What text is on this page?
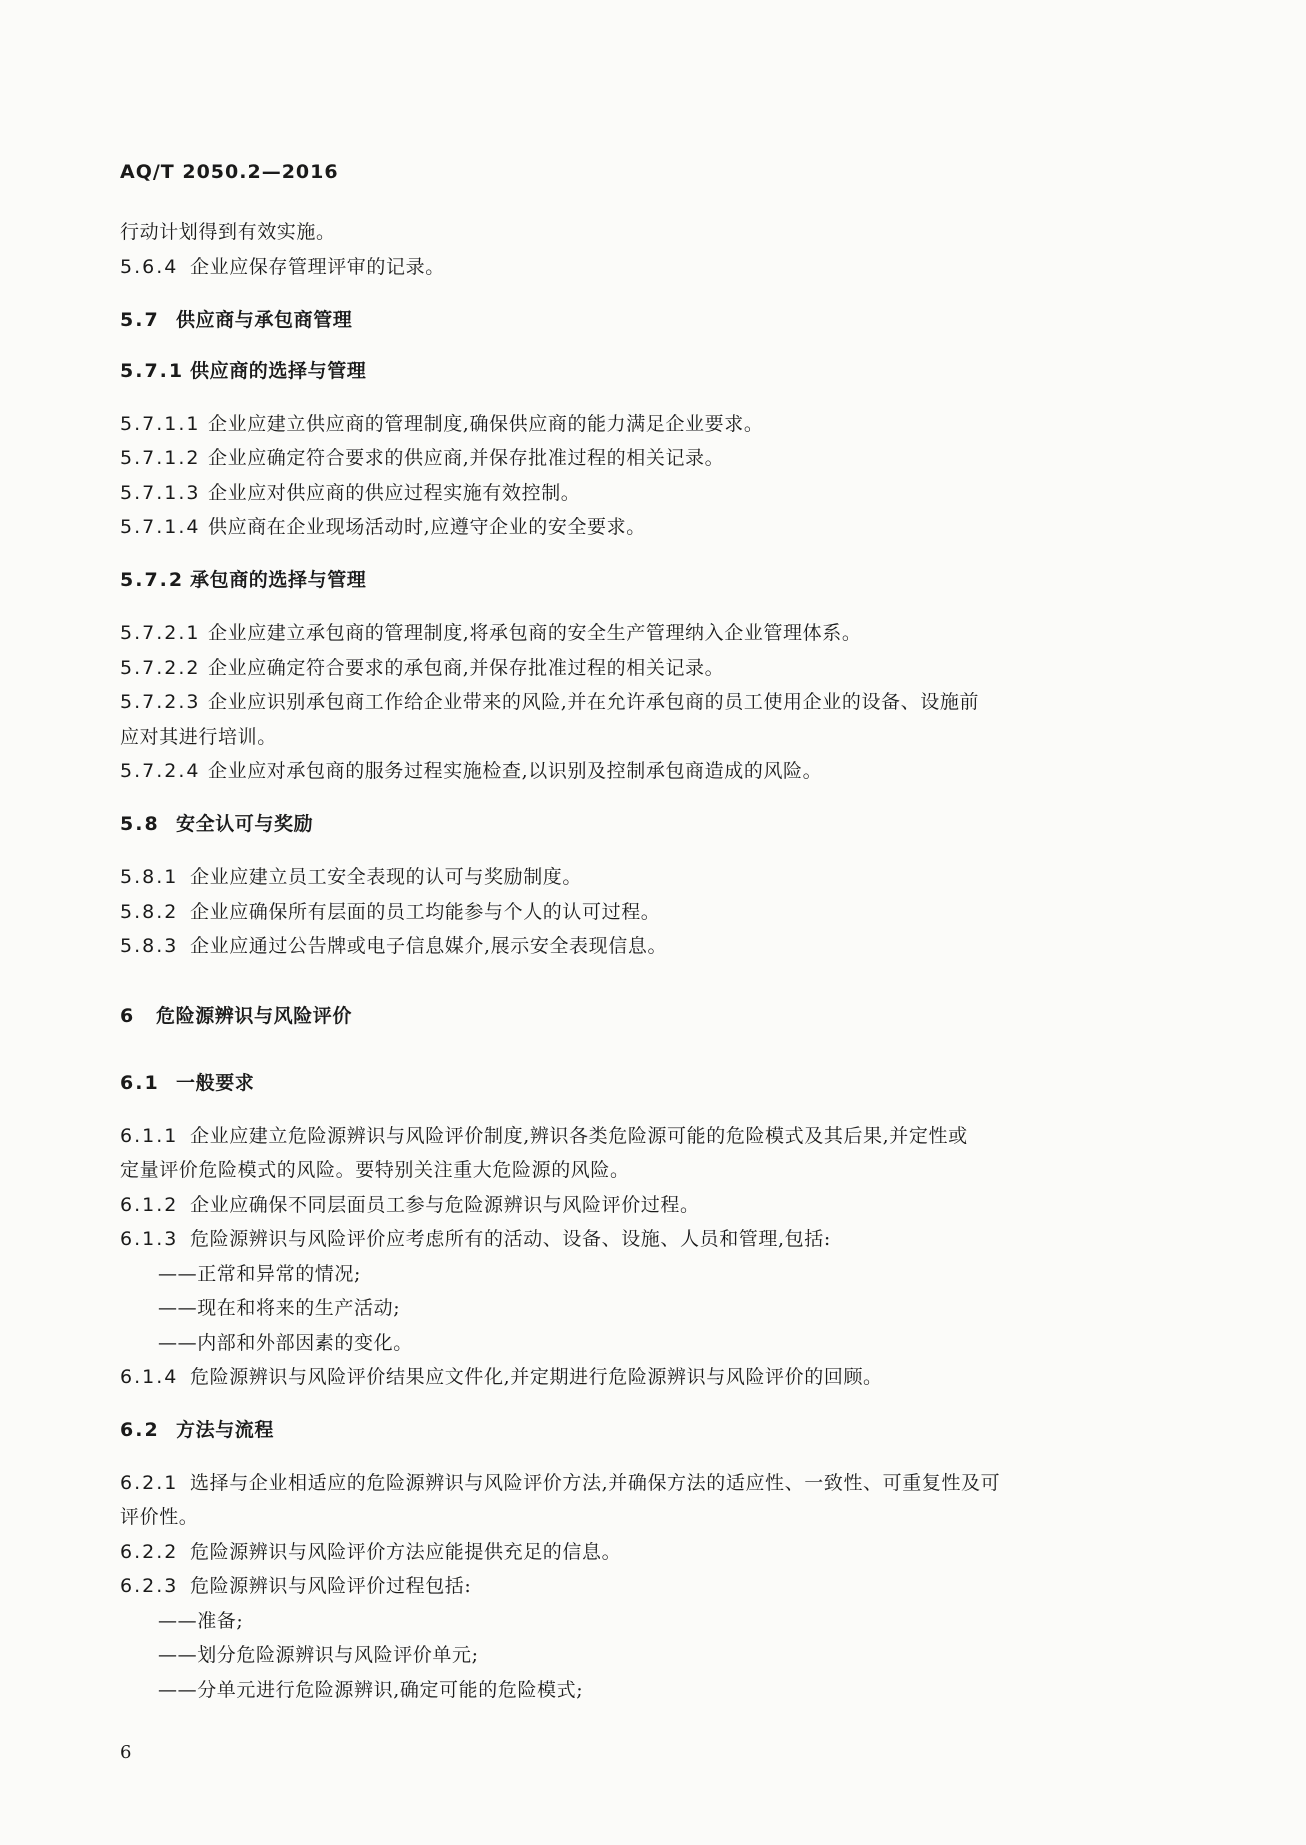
AQ/T 2050.2—2016
行动计划得到有效实施。
5.6.4 企业应保存管理评审的记录。
5.7 供应商与承包商管理
5.7.1 供应商的选择与管理
5.7.1.1 企业应建立供应商的管理制度,确保供应商的能力满足企业要求。
5.7.1.2 企业应确定符合要求的供应商,并保存批准过程的相关记录。
5.7.1.3 企业应对供应商的供应过程实施有效控制。
5.7.1.4 供应商在企业现场活动时,应遵守企业的安全要求。
5.7.2 承包商的选择与管理
5.7.2.1 企业应建立承包商的管理制度,将承包商的安全生产管理纳入企业管理体系。
5.7.2.2 企业应确定符合要求的承包商,并保存批准过程的相关记录。
5.7.2.3 企业应识别承包商工作给企业带来的风险,并在允许承包商的员工使用企业的设备、设施前
应对其进行培训。
5.7.2.4 企业应对承包商的服务过程实施检查,以识别及控制承包商造成的风险。
5.8 安全认可与奖励
5.8.1 企业应建立员工安全表现的认可与奖励制度。
5.8.2 企业应确保所有层面的员工均能参与个人的认可过程。
5.8.3 企业应通过公告牌或电子信息媒介,展示安全表现信息。
6 危险源辨识与风险评价
6.1 一般要求
6.1.1 企业应建立危险源辨识与风险评价制度,辨识各类危险源可能的危险模式及其后果,并定性或
定量评价危险模式的风险。要特别关注重大危险源的风险。
6.1.2 企业应确保不同层面员工参与危险源辨识与风险评价过程。
6.1.3 危险源辨识与风险评价应考虑所有的活动、设备、设施、人员和管理,包括:
——正常和异常的情况;
——现在和将来的生产活动;
——内部和外部因素的变化。
6.1.4 危险源辨识与风险评价结果应文件化,并定期进行危险源辨识与风险评价的回顾。
6.2 方法与流程
6.2.1 选择与企业相适应的危险源辨识与风险评价方法,并确保方法的适应性、一致性、可重复性及可
评价性。
6.2.2 危险源辨识与风险评价方法应能提供充足的信息。
6.2.3 危险源辨识与风险评价过程包括:
——准备;
——划分危险源辨识与风险评价单元;
——分单元进行危险源辨识,确定可能的危险模式;
6
